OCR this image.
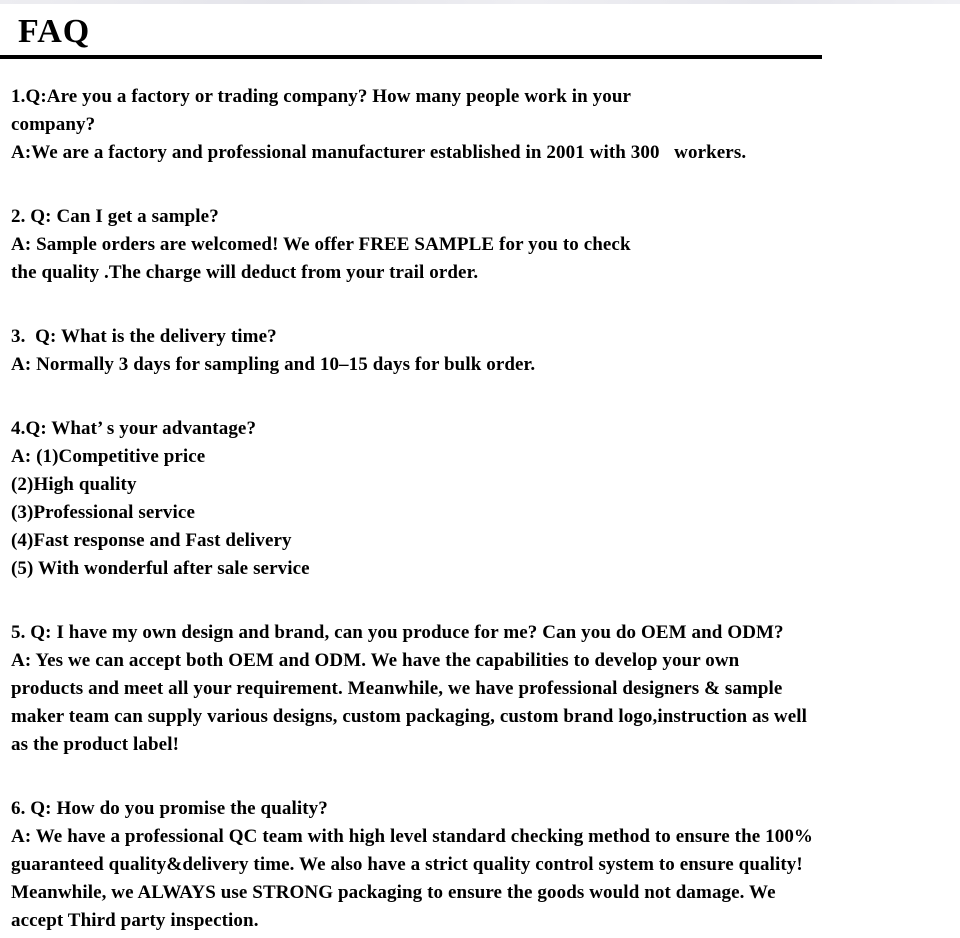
FAQ
1.Q:Are you a factory or trading company? How many people work in your
company?
A:We are a factory and professional manufacturer established in 2001 with 300   workers.
2. Q: Can I get a sample?
A: Sample orders are welcomed! We offer FREE SAMPLE for you to check
the quality .The charge will deduct from your trail order.
3.  Q: What is the delivery time?
A: Normally 3 days for sampling and 10–15 days for bulk order.
4.Q: What’ s your advantage?
A: (1)Competitive price
(2)High quality
(3)Professional service
(4)Fast response and Fast delivery
(5) With wonderful after sale service
5. Q: I have my own design and brand, can you produce for me? Can you do OEM and ODM?
A: Yes we can accept both OEM and ODM. We have the capabilities to develop your own
products and meet all your requirement. Meanwhile, we have professional designers & sample
maker team can supply various designs, custom packaging, custom brand logo,instruction as well
as the product label!
6. Q: How do you promise the quality?
A: We have a professional QC team with high level standard checking method to ensure the 100%
guaranteed quality&delivery time. We also have a strict quality control system to ensure quality!
Meanwhile, we ALWAYS use STRONG packaging to ensure the goods would not damage. We
accept Third party inspection.
